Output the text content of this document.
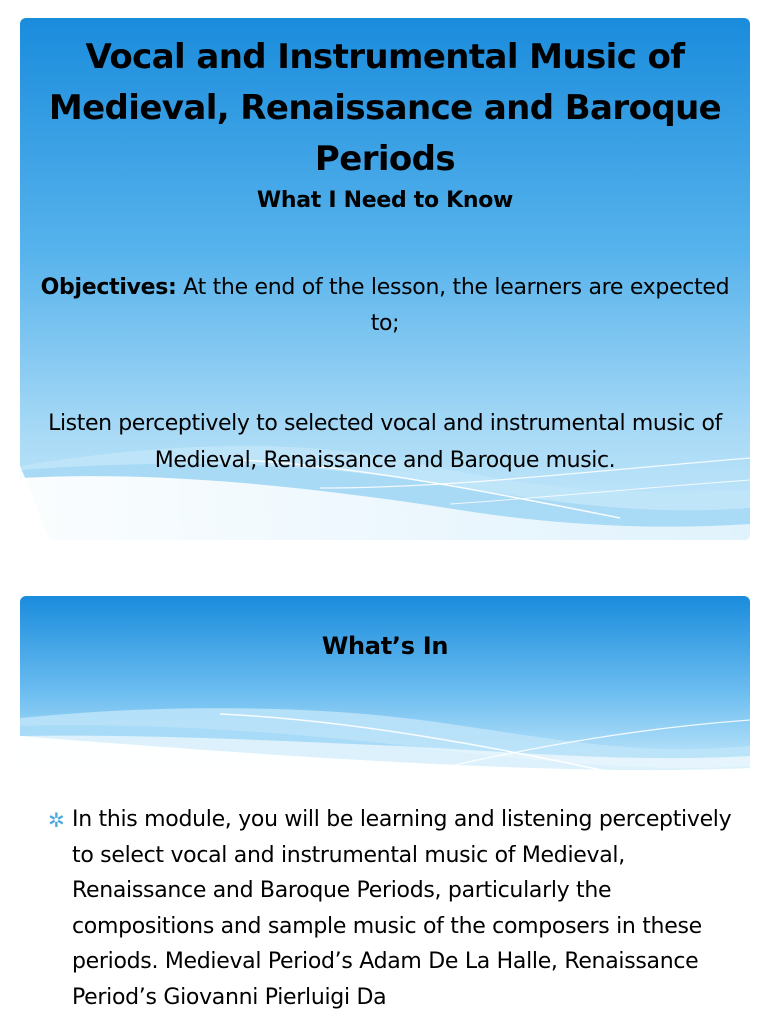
Vocal and Instrumental Music of Medieval, Renaissance and Baroque Periods
What I Need to Know

Objectives: At the end of the lesson, the learners are expected to;

Listen perceptively to selected vocal and instrumental music of Medieval, Renaissance and Baroque music.

What’s In
✲ In this module, you will be learning and listening perceptively to select vocal and instrumental music of Medieval, Renaissance and Baroque Periods, particularly the compositions and sample music of the composers in these periods. Medieval Period’s Adam De La Halle, Renaissance Period’s Giovanni Pierluigi Da
